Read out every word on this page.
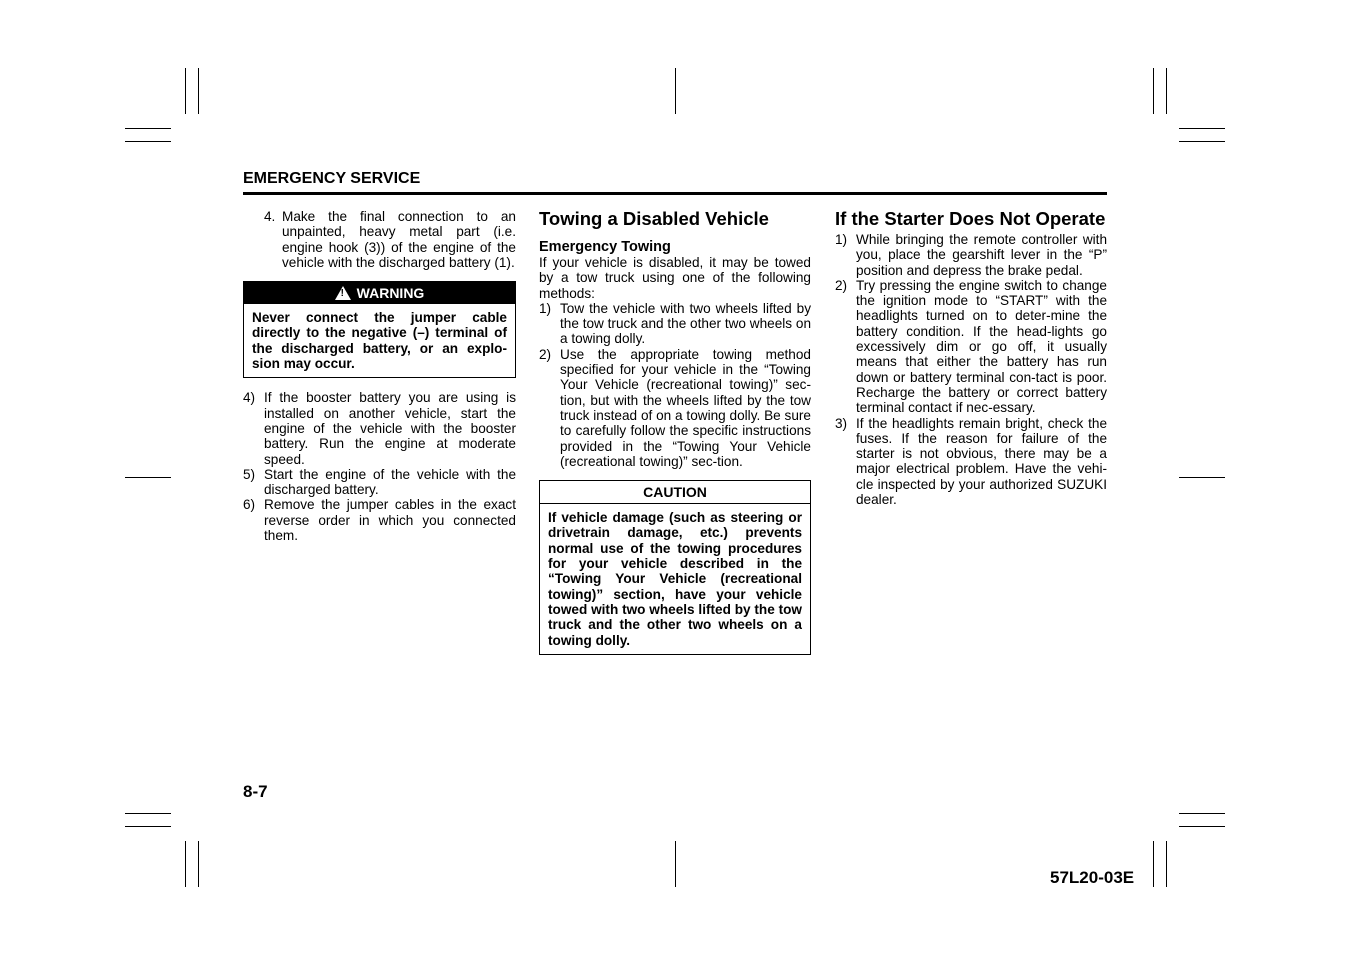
EMERGENCY SERVICE
4. Make the final connection to an unpainted, heavy metal part (i.e. engine hook (3)) of the engine of the vehicle with the discharged battery (1).
! WARNING
Never connect the jumper cable directly to the negative (–) terminal of the discharged battery, or an explo-sion may occur.
4) If the booster battery you are using is installed on another vehicle, start the engine of the vehicle with the booster battery. Run the engine at moderate speed.
5) Start the engine of the vehicle with the discharged battery.
6) Remove the jumper cables in the exact reverse order in which you connected them.
Towing a Disabled Vehicle
Emergency Towing
If your vehicle is disabled, it may be towed by a tow truck using one of the following methods:
1) Tow the vehicle with two wheels lifted by the tow truck and the other two wheels on a towing dolly.
2) Use the appropriate towing method specified for your vehicle in the “Towing Your Vehicle (recreational towing)” sec-tion, but with the wheels lifted by the tow truck instead of on a towing dolly. Be sure to carefully follow the specific instructions provided in the “Towing Your Vehicle (recreational towing)” sec-tion.
CAUTION
If vehicle damage (such as steering or drivetrain damage, etc.) prevents normal use of the towing procedures for your vehicle described in the “Towing Your Vehicle (recreational towing)” section, have your vehicle towed with two wheels lifted by the tow truck and the other two wheels on a towing dolly.
If the Starter Does Not Operate
1) While bringing the remote controller with you, place the gearshift lever in the “P” position and depress the brake pedal.
2) Try pressing the engine switch to change the ignition mode to “START” with the headlights turned on to deter-mine the battery condition. If the head-lights go excessively dim or go off, it usually means that either the battery has run down or battery terminal con-tact is poor. Recharge the battery or correct battery terminal contact if nec-essary.
3) If the headlights remain bright, check the fuses. If the reason for failure of the starter is not obvious, there may be a major electrical problem. Have the vehi-cle inspected by your authorized SUZUKI dealer.
8-7
57L20-03E
